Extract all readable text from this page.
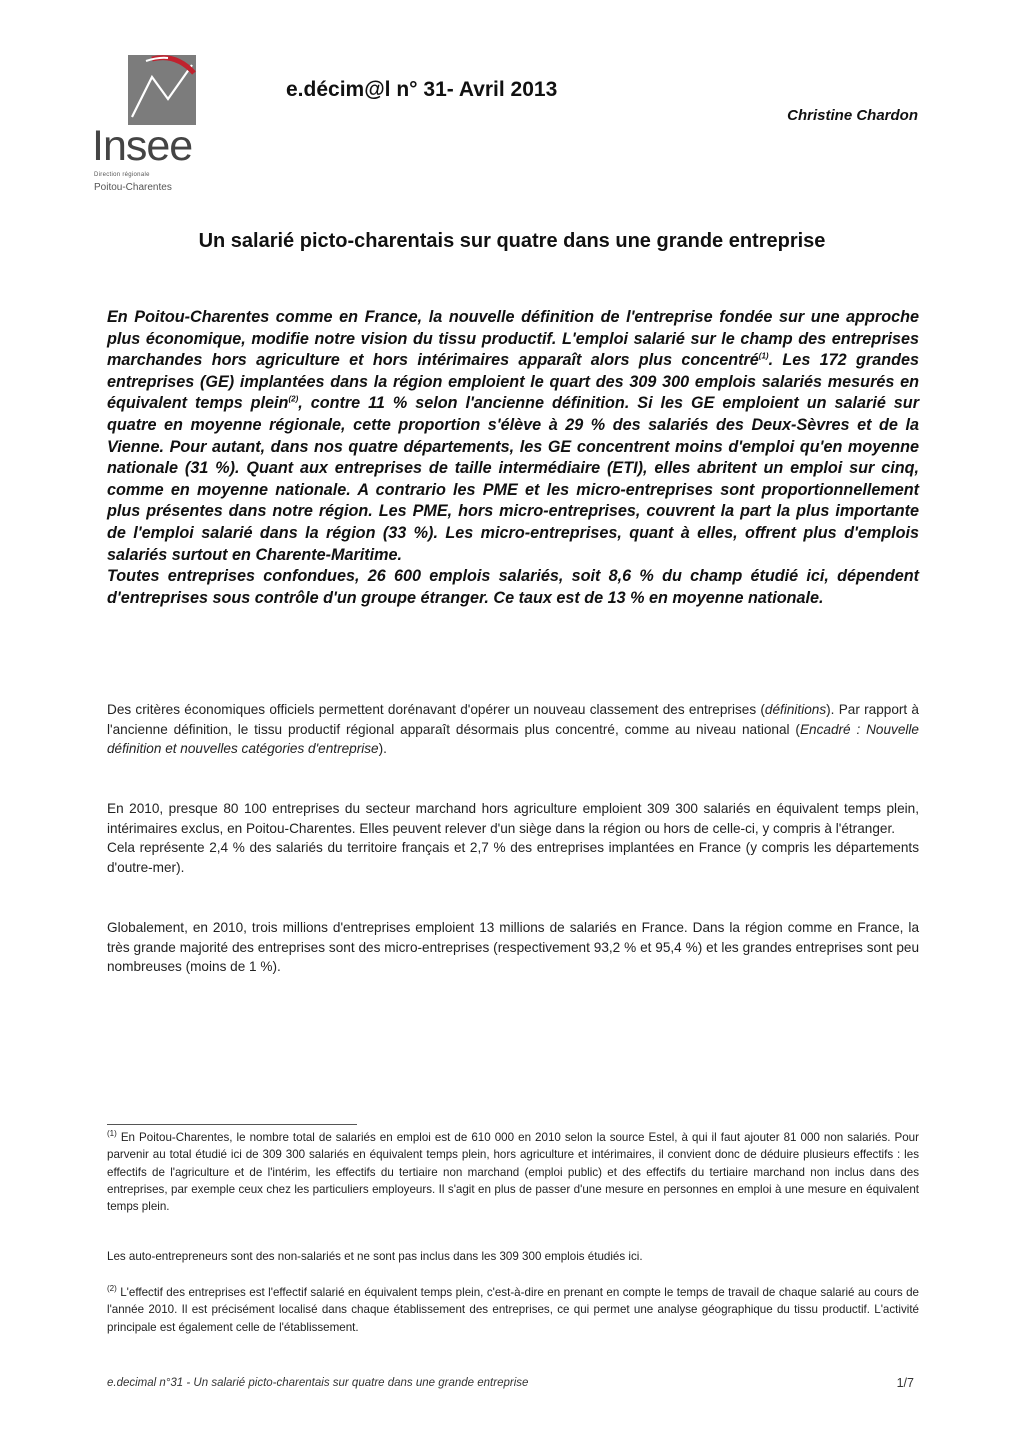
Insee
Direction régionale
Poitou-Charentes
e.décim@l n° 31- Avril 2013
Christine Chardon
Un salarié picto-charentais sur quatre dans une grande entreprise

En Poitou-Charentes comme en France, la nouvelle définition de l'entreprise fondée sur une approche plus économique, modifie notre vision du tissu productif. L'emploi salarié sur le champ des entreprises marchandes hors agriculture et hors intérimaires apparaît alors plus concentré$^{(1)}$. Les 172 grandes entreprises (GE) implantées dans la région emploient le quart des 309 300 emplois salariés mesurés en équivalent temps plein$^{(2)}$, contre 11 % selon l'ancienne définition. Si les GE emploient un salarié sur quatre en moyenne régionale, cette proportion s'élève à 29 % des salariés des Deux-Sèvres et de la Vienne. Pour autant, dans nos quatre départements, les GE concentrent moins d'emploi qu'en moyenne nationale (31 %). Quant aux entreprises de taille intermédiaire (ETI), elles abritent un emploi sur cinq, comme en moyenne nationale. A contrario les PME et les micro-entreprises sont proportionnellement plus présentes dans notre région. Les PME, hors micro-entreprises, couvrent la part la plus importante de l'emploi salarié dans la région (33 %). Les micro-entreprises, quant à elles, offrent plus d'emplois salariés surtout en Charente-Maritime.

Toutes entreprises confondues, 26 600 emplois salariés, soit 8,6 % du champ étudié ici, dépendent d'entreprises sous contrôle d'un groupe étranger. Ce taux est de 13 % en moyenne nationale.

Des critères économiques officiels permettent dorénavant d'opérer un nouveau classement des entreprises (définitions). Par rapport à l'ancienne définition, le tissu productif régional apparaît désormais plus concentré, comme au niveau national (Encadré : Nouvelle définition et nouvelles catégories d'entreprise).

En 2010, presque 80 100 entreprises du secteur marchand hors agriculture emploient 309 300 salariés en équivalent temps plein, intérimaires exclus, en Poitou-Charentes. Elles peuvent relever d'un siège dans la région ou hors de celle-ci, y compris à l'étranger.

Cela représente 2,4 % des salariés du territoire français et 2,7 % des entreprises implantées en France (y compris les départements d'outre-mer).

Globalement, en 2010, trois millions d'entreprises emploient 13 millions de salariés en France. Dans la région comme en France, la très grande majorité des entreprises sont des micro-entreprises (respectivement 93,2 % et 95,4 %) et les grandes entreprises sont peu nombreuses (moins de 1 %).

$^{(1)}$ En Poitou-Charentes, le nombre total de salariés en emploi est de 610 000 en 2010 selon la source Estel, à qui il faut ajouter 81 000 non salariés. Pour parvenir au total étudié ici de 309 300 salariés en équivalent temps plein, hors agriculture et intérimaires, il convient donc de déduire plusieurs effectifs : les effectifs de l'agriculture et de l'intérim, les effectifs du tertiaire non marchand (emploi public) et des effectifs du tertiaire marchand non inclus dans des entreprises, par exemple ceux chez les particuliers employeurs. Il s'agit en plus de passer d'une mesure en personnes en emploi à une mesure en équivalent temps plein.

Les auto-entrepreneurs sont des non-salariés et ne sont pas inclus dans les 309 300 emplois étudiés ici.

$^{(2)}$ L'effectif des entreprises est l'effectif salarié en équivalent temps plein, c'est-à-dire en prenant en compte le temps de travail de chaque salarié au cours de l'année 2010. Il est précisément localisé dans chaque établissement des entreprises, ce qui permet une analyse géographique du tissu productif. L'activité principale est également celle de l'établissement.

e.decimal n°31 - Un salarié picto-charentais sur quatre dans une grande entreprise	1/7
